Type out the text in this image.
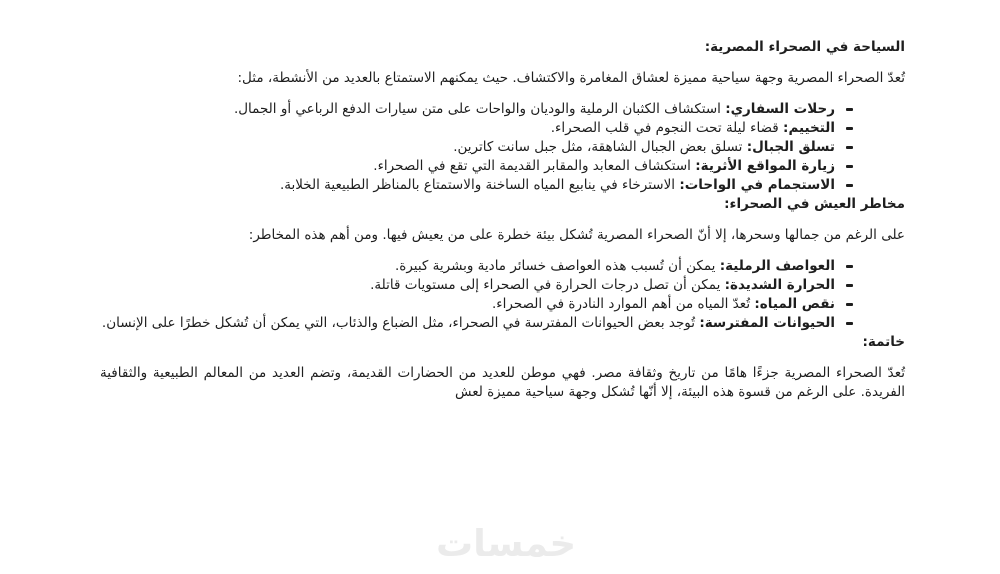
السياحة في الصحراء المصرية:

تُعدّ الصحراء المصرية وجهة سياحية مميزة لعشاق المغامرة والاكتشاف. حيث يمكنهم الاستمتاع بالعديد من الأنشطة، مثل:

رحلات السفاري: استكشاف الكثبان الرملية والوديان والواحات على متن سيارات الدفع الرباعي أو الجمال.
التخييم: قضاء ليلة تحت النجوم في قلب الصحراء.
تسلق الجبال: تسلق بعض الجبال الشاهقة، مثل جبل سانت كاترين.
زيارة المواقع الأثرية: استكشاف المعابد والمقابر القديمة التي تقع في الصحراء.
الاستجمام في الواحات: الاسترخاء في ينابيع المياه الساخنة والاستمتاع بالمناظر الطبيعية الخلابة.
مخاطر العيش في الصحراء:

على الرغم من جمالها وسحرها، إلا أنّ الصحراء المصرية تُشكل بيئة خطرة على من يعيش فيها. ومن أهم هذه المخاطر:

العواصف الرملية: يمكن أن تُسبب هذه العواصف خسائر مادية وبشرية كبيرة.
الحرارة الشديدة: يمكن أن تصل درجات الحرارة في الصحراء إلى مستويات قاتلة.
نقص المياه: تُعدّ المياه من أهم الموارد النادرة في الصحراء.
الحيوانات المفترسة: تُوجد بعض الحيوانات المفترسة في الصحراء، مثل الضباع والذئاب، التي يمكن أن تُشكل خطرًا على الإنسان.
خاتمة:

تُعدّ الصحراء المصرية جزءًا هامًا من تاريخ وثقافة مصر. فهي موطن للعديد من الحضارات القديمة، وتضم العديد من المعالم الطبيعية والثقافية الفريدة. على الرغم من قسوة هذه البيئة، إلا أنّها تُشكل وجهة سياحية مميزة لعش

خمسات
